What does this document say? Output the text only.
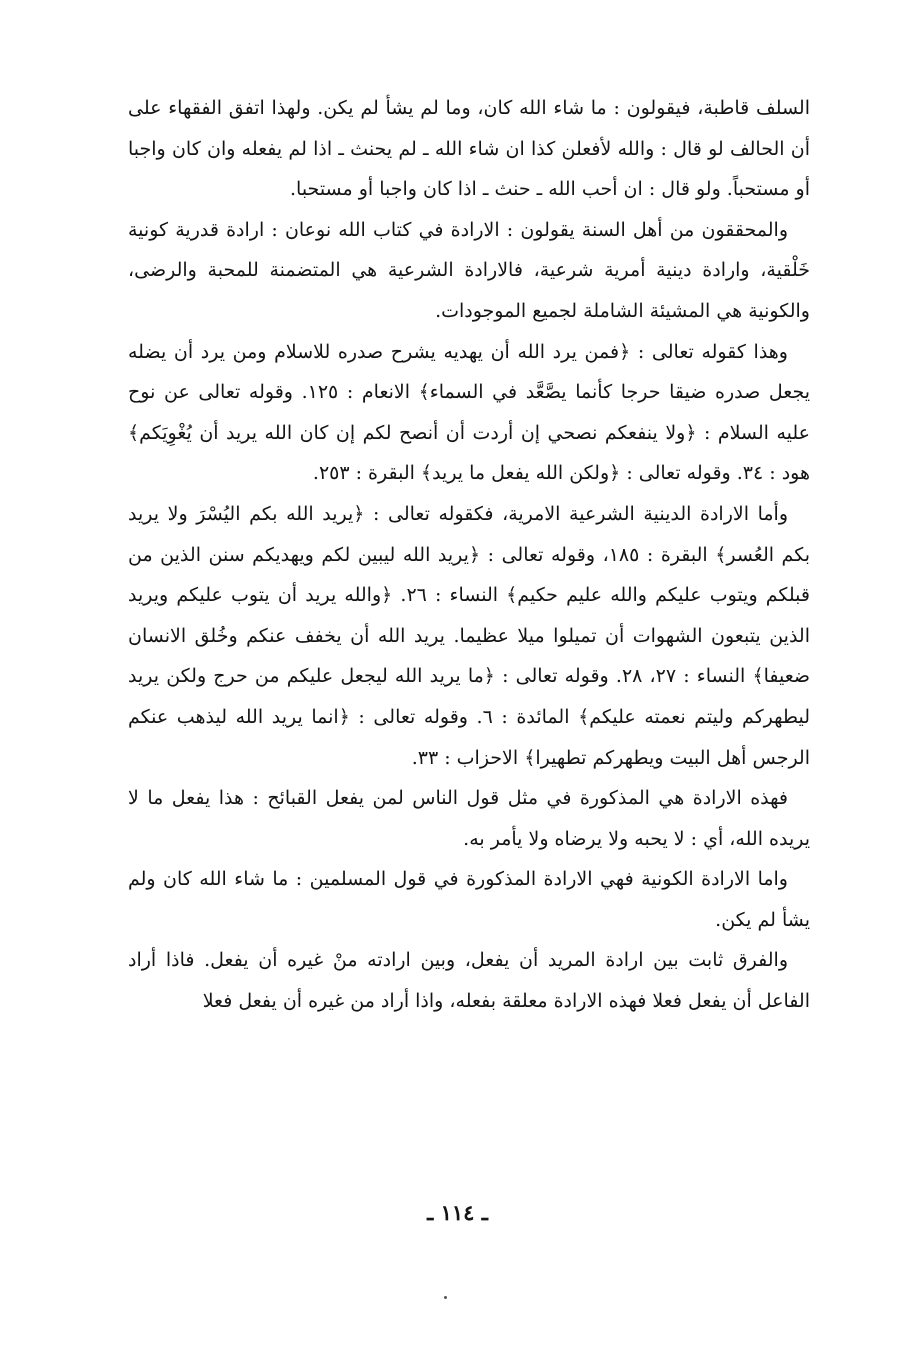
السلف قاطبة، فيقولون : ما شاء الله كان، وما لم يشأ لم يكن. ولهذا اتفق الفقهاء على أن الحالف لو قال : والله لأفعلن كذا ان شاء الله ـ لم يحنث ـ اذا لم يفعله وان كان واجبا أو مستحباً. ولو قال : ان أحب الله ـ حنث ـ اذا كان واجبا أو مستحبا.

والمحققون من أهل السنة يقولون : الارادة في كتاب الله نوعان : ارادة قدرية كونية خَلْقية، وارادة دينية أمرية شرعية، فالارادة الشرعية هي المتضمنة للمحبة والرضى، والكونية هي المشيئة الشاملة لجميع الموجودات.

وهذا كقوله تعالى : ﴿فمن يرد الله أن يهديه يشرح صدره للاسلام ومن يرد أن يضله يجعل صدره ضيقا حرجا كأنما يصَّعَّد في السماء﴾ الانعام : ١٢٥. وقوله تعالى عن نوح عليه السلام : ﴿ولا ينفعكم نصحي إن أردت أن أنصح لكم إن كان الله يريد أن يُغْوِيَكم﴾ هود : ٣٤. وقوله تعالى : ﴿ولكن الله يفعل ما يريد﴾ البقرة : ٢٥٣.

وأما الارادة الدينية الشرعية الامرية، فكقوله تعالى : ﴿يريد الله بكم اليُسْرَ ولا يريد بكم العُسر﴾ البقرة : ١٨٥، وقوله تعالى : ﴿يريد الله ليبين لكم ويهديكم سنن الذين من قبلكم ويتوب عليكم والله عليم حكيم﴾ النساء : ٢٦. ﴿والله يريد أن يتوب عليكم ويريد الذين يتبعون الشهوات أن تميلوا ميلا عظيما. يريد الله أن يخفف عنكم وخُلق الانسان ضعيفا﴾ النساء : ٢٧، ٢٨. وقوله تعالى : ﴿ما يريد الله ليجعل عليكم من حرج ولكن يريد ليطهركم وليتم نعمته عليكم﴾ المائدة : ٦. وقوله تعالى : ﴿انما يريد الله ليذهب عنكم الرجس أهل البيت ويطهركم تطهيرا﴾ الاحزاب : ٣٣.

فهذه الارادة هي المذكورة في مثل قول الناس لمن يفعل القبائح : هذا يفعل ما لا يريده الله، أي : لا يحبه ولا يرضاه ولا يأمر به.

واما الارادة الكونية فهي الارادة المذكورة في قول المسلمين : ما شاء الله كان ولم يشأ لم يكن.

والفرق ثابت بين ارادة المريد أن يفعل، وبين ارادته منْ غيره أن يفعل. فاذا أراد الفاعل أن يفعل فعلا فهذه الارادة معلقة بفعله، واذا أراد من غيره أن يفعل فعلا

ـ ١١٤ ـ
